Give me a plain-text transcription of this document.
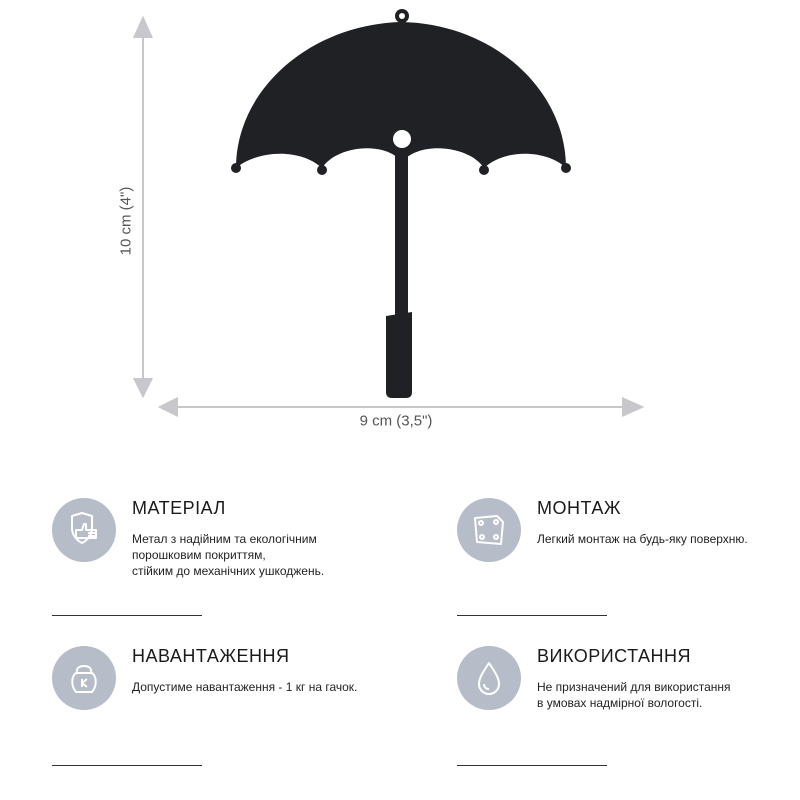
10 cm (4")
9 cm (3,5")
МАТЕРІАЛ
Метал з надійним та екологічним
порошковим покриттям,
стійким до механічних ушкоджень.
МОНТАЖ
Легкий монтаж на будь-яку поверхню.
НАВАНТАЖЕННЯ
Допустиме навантаження - 1 кг на гачок.
ВИКОРИСТАННЯ
Не призначений для використання
в умовах надмірної вологості.
